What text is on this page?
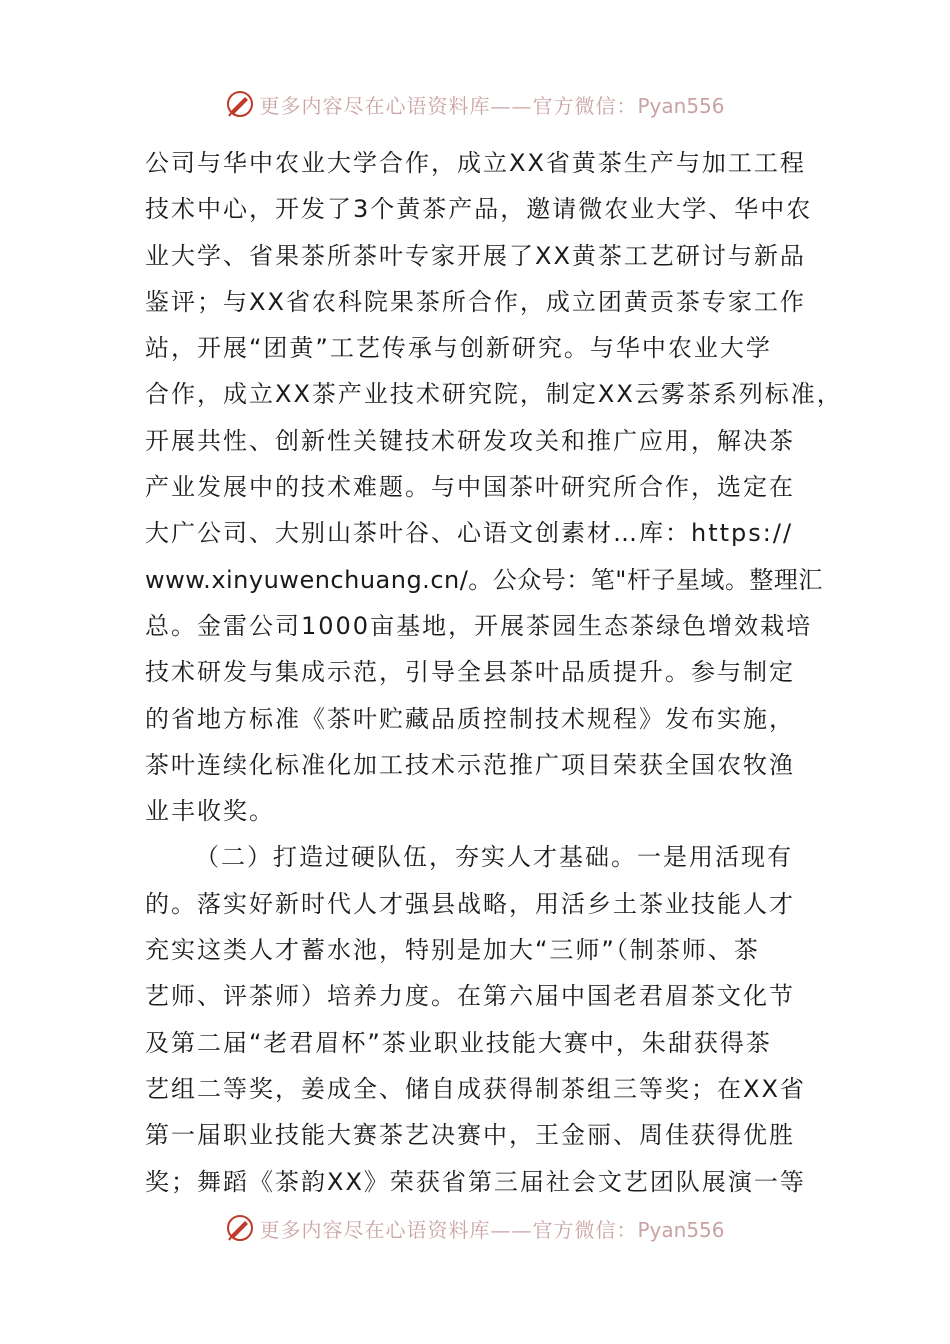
更多内容尽在心语资料库——官方微信：Pyan556
公司与华中农业大学合作，成立XX省黄茶生产与加工工程
技术中心，开发了3个黄茶产品，邀请微农业大学、华中农
业大学、省果茶所茶叶专家开展了XX黄茶工艺研讨与新品
鉴评；与XX省农科院果茶所合作，成立团黄贡茶专家工作
站，开展“团黄”工艺传承与创新研究。与华中农业大学
合作，成立XX茶产业技术研究院，制定XX云雾茶系列标准，
开展共性、创新性关键技术研发攻关和推广应用，解决茶
产业发展中的技术难题。与中国茶叶研究所合作，选定在
大广公司、大别山茶叶谷、心语文创素材…库：https://
www.xinyuwenchuang.cn/。公众号：笔"杆子星域。整理汇
总。金雷公司1000亩基地，开展茶园生态茶绿色增效栽培
技术研发与集成示范，引导全县茶叶品质提升。参与制定
的省地方标准《茶叶贮藏品质控制技术规程》发布实施，
茶叶连续化标准化加工技术示范推广项目荣获全国农牧渔
业丰收奖。
（二）打造过硬队伍，夯实人才基础。一是用活现有
的。落实好新时代人才强县战略，用活乡土茶业技能人才
充实这类人才蓄水池，特别是加大“三师”（制茶师、茶
艺师、评茶师）培养力度。在第六届中国老君眉茶文化节
及第二届“老君眉杯”茶业职业技能大赛中，朱甜获得茶
艺组二等奖，姜成全、储自成获得制茶组三等奖；在XX省
第一届职业技能大赛茶艺决赛中，王金丽、周佳获得优胜
奖；舞蹈《茶韵XX》荣获省第三届社会文艺团队展演一等
更多内容尽在心语资料库——官方微信：Pyan556
